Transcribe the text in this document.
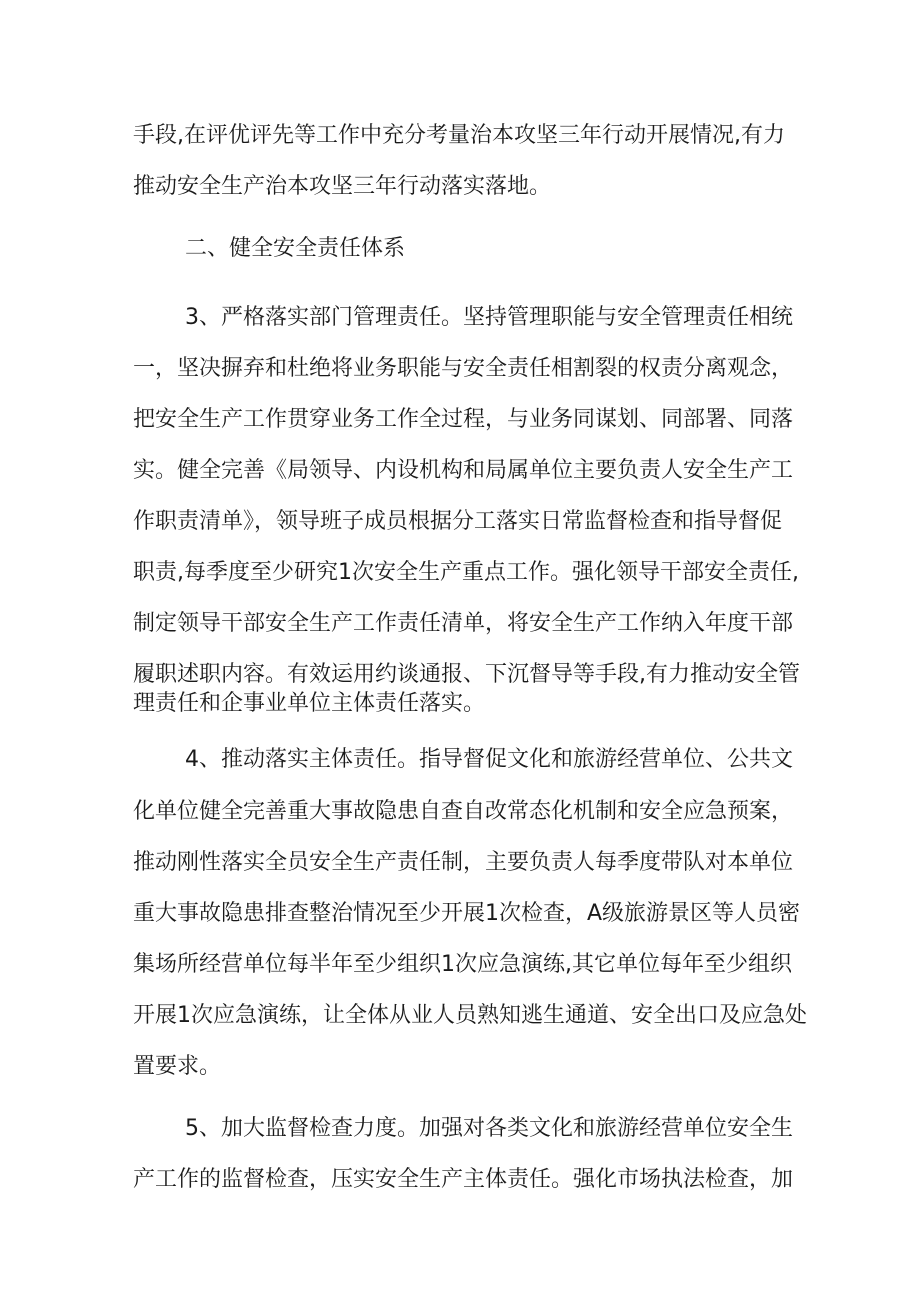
手段,在评优评先等工作中充分考量治本攻坚三年行动开展情况,有力
推动安全生产治本攻坚三年行动落实落地。
二、健全安全责任体系
3、严格落实部门管理责任。坚持管理职能与安全管理责任相统
一，坚决摒弃和杜绝将业务职能与安全责任相割裂的权责分离观念，
把安全生产工作贯穿业务工作全过程，与业务同谋划、同部署、同落
实。健全完善《局领导、内设机构和局属单位主要负责人安全生产工
作职责清单》，领导班子成员根据分工落实日常监督检查和指导督促
职责,每季度至少研究1次安全生产重点工作。强化领导干部安全责任,
制定领导干部安全生产工作责任清单，将安全生产工作纳入年度干部
履职述职内容。有效运用约谈通报、下沉督导等手段,有力推动安全管
理责任和企事业单位主体责任落实。
4、推动落实主体责任。指导督促文化和旅游经营单位、公共文
化单位健全完善重大事故隐患自查自改常态化机制和安全应急预案，
推动刚性落实全员安全生产责任制，主要负责人每季度带队对本单位
重大事故隐患排查整治情况至少开展1次检查，A级旅游景区等人员密
集场所经营单位每半年至少组织1次应急演练,其它单位每年至少组织
开展1次应急演练，让全体从业人员熟知逃生通道、安全出口及应急处
置要求。
5、加大监督检查力度。加强对各类文化和旅游经营单位安全生
产工作的监督检查，压实安全生产主体责任。强化市场执法检查，加
